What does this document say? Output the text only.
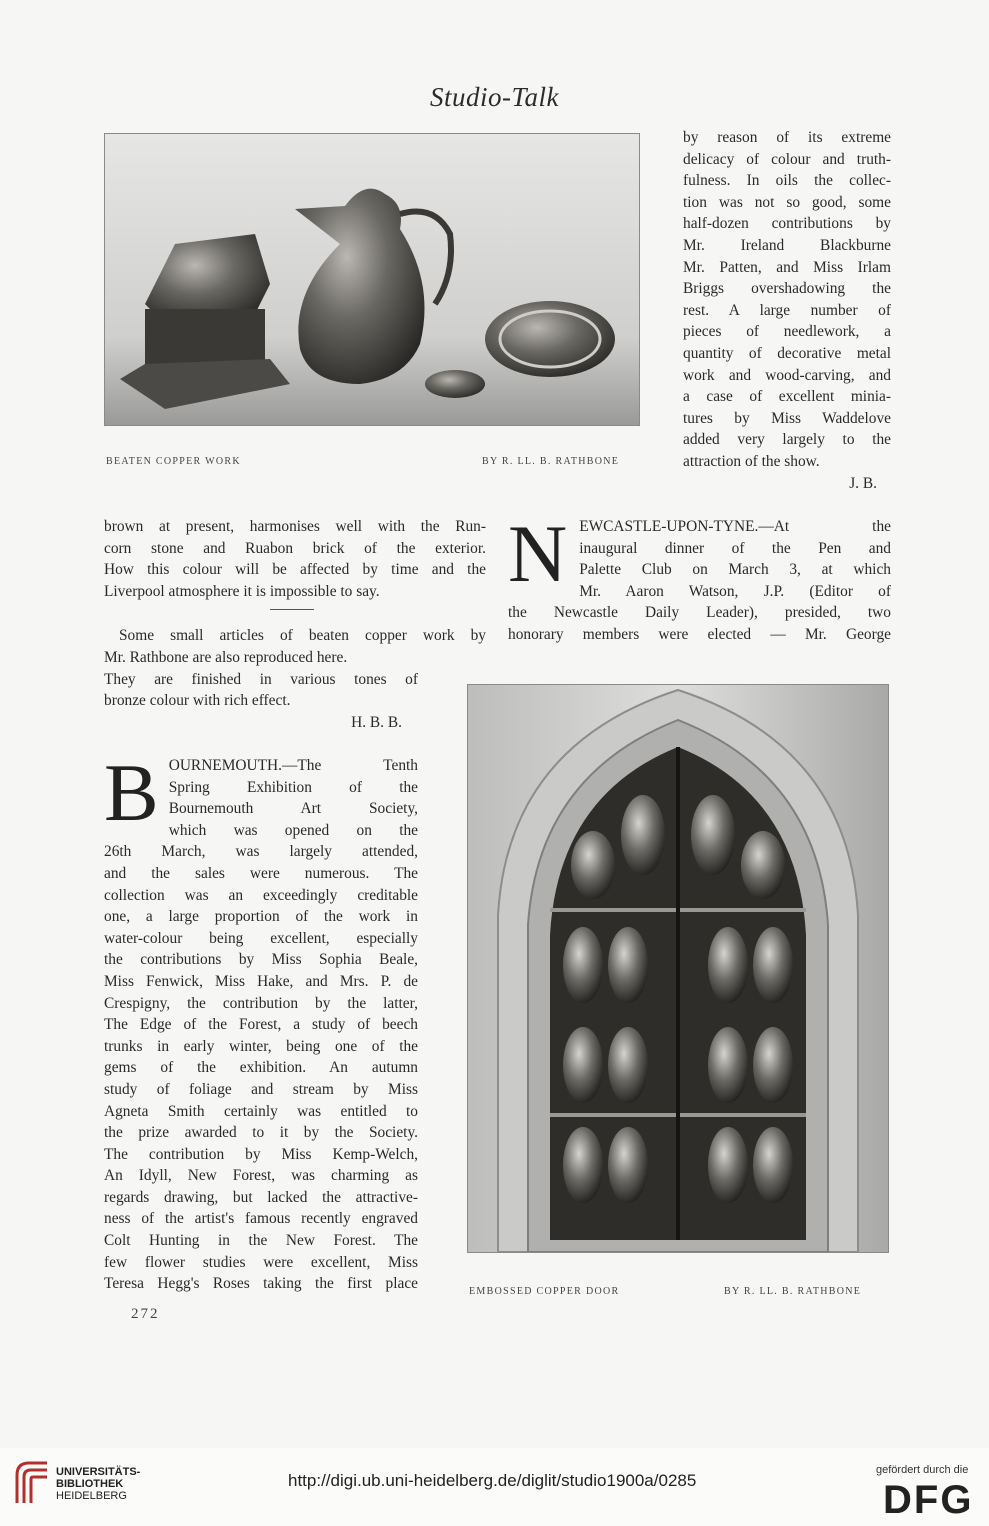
Studio-Talk
BEATEN COPPER WORK	BY R. LL. B. RATHBONE
by reason of its extreme
delicacy of colour and truth-
fulness. In oils the collec-
tion was not so good, some
half-dozen contributions by
Mr. Ireland Blackburne
Mr. Patten, and Miss Irlam
Briggs overshadowing the
rest. A large number of
pieces of needlework, a
quantity of decorative metal
work and wood-carving, and
a case of excellent minia-
tures by Miss Waddelove
added very largely to the
attraction of the show.
J. B.
brown at present, harmonises well with the Run-
corn stone and Ruabon brick of the exterior.
How this colour will be affected by time and the
Liverpool atmosphere it is impossible to say.
Some small articles of beaten copper work by
Mr. Rathbone are also reproduced here.
They are finished in various tones of
bronze colour with rich effect.
H. B. B.
B OURNEMOUTH.—The Tenth
Spring Exhibition of the
Bournemouth Art Society,
which was opened on the
26th March, was largely attended,
and the sales were numerous. The
collection was an exceedingly creditable
one, a large proportion of the work in
water-colour being excellent, especially
the contributions by Miss Sophia Beale,
Miss Fenwick, Miss Hake, and Mrs. P. de
Crespigny, the contribution by the latter,
The Edge of the Forest, a study of beech
trunks in early winter, being one of the
gems of the exhibition. An autumn
study of foliage and stream by Miss
Agneta Smith certainly was entitled to
the prize awarded to it by the Society.
The contribution by Miss Kemp-Welch,
An Idyll, New Forest, was charming as
regards drawing, but lacked the attractive-
ness of the artist's famous recently engraved
Colt Hunting in the New Forest. The
few flower studies were excellent, Miss
Teresa Hegg's Roses taking the first place
N EWCASTLE-UPON-TYNE.—At the
inaugural dinner of the Pen and
Palette Club on March 3, at which
Mr. Aaron Watson, J.P. (Editor of
the Newcastle Daily Leader), presided, two
honorary members were elected — Mr. George
EMBOSSED COPPER DOOR	BY R. LL. B. RATHBONE
272
UNIVERSITÄTS-
BIBLIOTHEK
HEIDELBERG
http://digi.ub.uni-heidelberg.de/diglit/studio1900a/0285
gefördert durch die
DFG
